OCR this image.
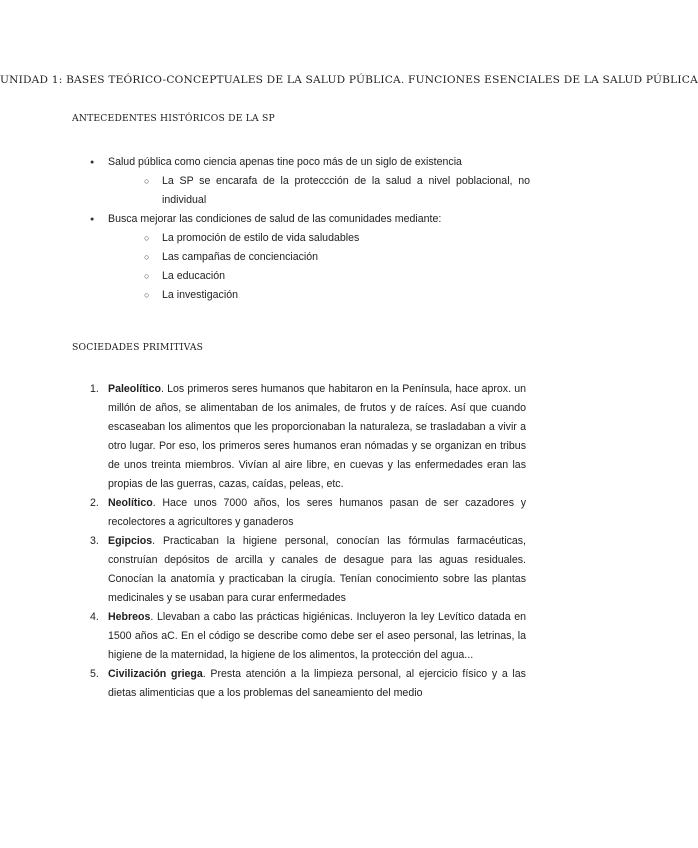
UNIDAD 1: BASES TEÓRICO-CONCEPTUALES DE LA SALUD PÚBLICA. FUNCIONES ESENCIALES DE LA SALUD PÚBLICA
ANTECEDENTES HISTÓRICOS DE LA SP
● Salud pública como ciencia apenas tine poco más de un siglo de existencia
○ La SP se encarafa de la proteccción de la salud a nivel poblacional, no individual
● Busca mejorar las condiciones de salud de las comunidades mediante:
○ La promoción de estilo de vida saludables
○ Las campañas de concienciación
○ La educación
○ La investigación
SOCIEDADES PRIMITIVAS
1. Paleolítico. Los primeros seres humanos que habitaron en la Península, hace aprox. un millón de años, se alimentaban de los animales, de frutos y de raíces. Así que cuando escaseaban los alimentos que les proporcionaban la naturaleza, se trasladaban a vivir a otro lugar. Por eso, los primeros seres humanos eran nómadas y se organizan en tribus de unos treinta miembros. Vivían al aire libre, en cuevas y las enfermedades eran las propias de las guerras, cazas, caídas, peleas, etc.
2. Neolítico. Hace unos 7000 años, los seres humanos pasan de ser cazadores y recolectores a agricultores y ganaderos
3. Egipcios. Practicaban la higiene personal, conocían las fórmulas farmacéuticas, construían depósitos de arcilla y canales de desague para las aguas residuales. Conocían la anatomía y practicaban la cirugía. Tenían conocimiento sobre las plantas medicinales y se usaban para curar enfermedades
4. Hebreos. Llevaban a cabo las prácticas higiénicas. Incluyeron la ley Levítico datada en 1500 años aC. En el código se describe como debe ser el aseo personal, las letrinas, la higiene de la maternidad, la higiene de los alimentos, la protección del agua...
5. Civilización griega. Presta atención a la limpieza personal, al ejercicio físico y a las dietas alimenticias que a los problemas del saneamiento del medio
